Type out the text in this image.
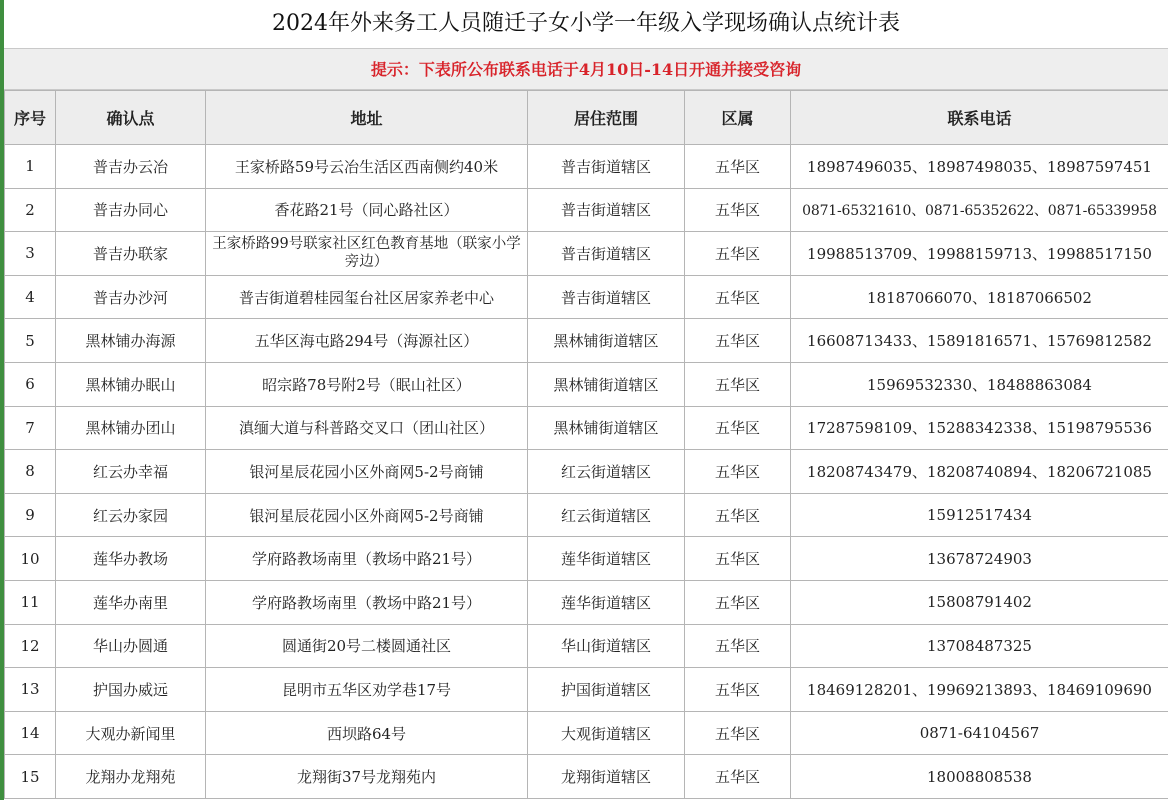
2024年外来务工人员随迁子女小学一年级入学现场确认点统计表
提示：下表所公布联系电话于4月10日-14日开通并接受咨询
序号	确认点	地址	居住范围	区属	联系电话
1	普吉办云冶	王家桥路59号云冶生活区西南侧约40米	普吉街道辖区	五华区	18987496035、18987498035、18987597451
2	普吉办同心	香花路21号（同心路社区）	普吉街道辖区	五华区	0871-65321610、0871-65352622、0871-65339958
3	普吉办联家	王家桥路99号联家社区红色教育基地（联家小学旁边）	普吉街道辖区	五华区	19988513709、19988159713、19988517150
4	普吉办沙河	普吉街道碧桂园玺台社区居家养老中心	普吉街道辖区	五华区	18187066070、18187066502
5	黑林铺办海源	五华区海屯路294号（海源社区）	黑林铺街道辖区	五华区	16608713433、15891816571、15769812582
6	黑林铺办眠山	昭宗路78号附2号（眠山社区）	黑林铺街道辖区	五华区	15969532330、18488863084
7	黑林铺办团山	滇缅大道与科普路交叉口（团山社区）	黑林铺街道辖区	五华区	17287598109、15288342338、15198795536
8	红云办幸福	银河星辰花园小区外商网5-2号商铺	红云街道辖区	五华区	18208743479、18208740894、18206721085
9	红云办家园	银河星辰花园小区外商网5-2号商铺	红云街道辖区	五华区	15912517434
10	莲华办教场	学府路教场南里（教场中路21号）	莲华街道辖区	五华区	13678724903
11	莲华办南里	学府路教场南里（教场中路21号）	莲华街道辖区	五华区	15808791402
12	华山办圆通	圆通街20号二楼圆通社区	华山街道辖区	五华区	13708487325
13	护国办威远	昆明市五华区劝学巷17号	护国街道辖区	五华区	18469128201、19969213893、18469109690
14	大观办新闻里	西坝路64号	大观街道辖区	五华区	0871-64104567
15	龙翔办龙翔苑	龙翔街37号龙翔苑内	龙翔街道辖区	五华区	18008808538
